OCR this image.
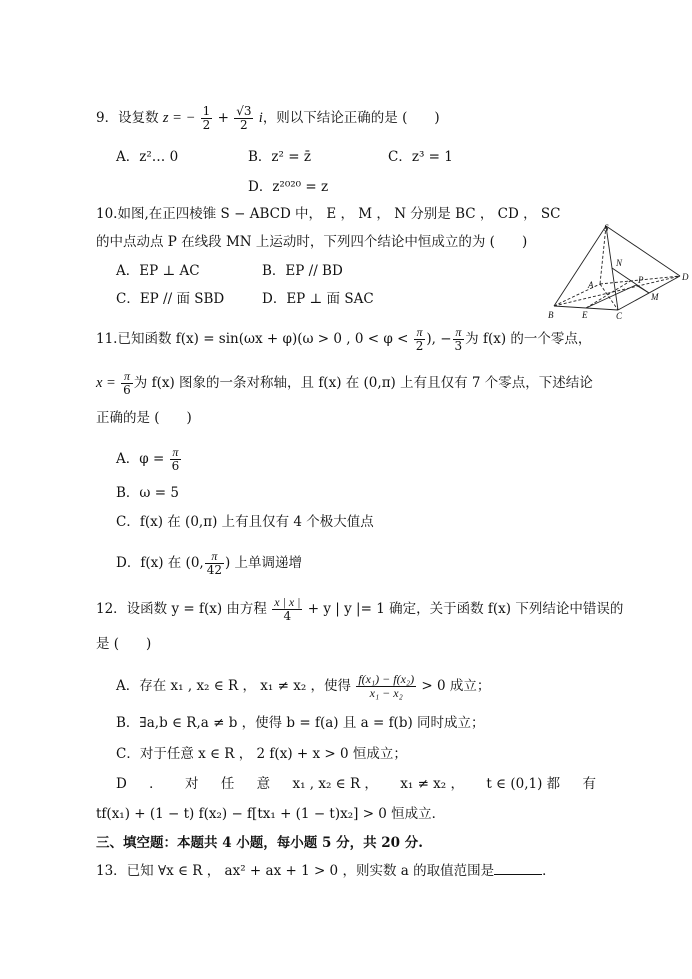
9．设复数 z = − $\frac{1}{2} + \frac{√3}{2}$ i，则以下结论正确的是 (　　)
A．z²… 0	B．z² = z̄	C．z³ = 1
D．z²⁰²⁰ = z
10.如图,在正四棱锥 S − ABCD 中， E ， M ， N 分别是 BC ， CD ， SC
的中点动点 P 在线段 MN 上运动时，下列四个结论中恒成立的为 (　　)
A．EP ⊥ AC	B．EP // BD
C．EP // 面 SBD	D．EP ⊥ 面 SAC
S
A
N
P	D
M
B	E	C
11.已知函数 f(x) = sin(ωx + φ)(ω > 0 , $0 < \varphi < \frac{\pi}{2}$ ), − $\frac{\pi}{3}$ 为 f(x) 的一个零点，
$x = \frac{\pi}{6}$ 为 f(x) 图象的一条对称轴，且 f(x) 在 (0,π) 上有且仅有 7 个零点，下述结论
正确的是 (　　)
A．$\varphi = \frac{\pi}{6}$
B．ω = 5
C．f(x) 在 (0,π) 上有且仅有 4 个极大值点
D．f(x) 在 (0, $\frac{\pi}{42}$ ) 上单调递增
12．设函数 y = f(x) 由方程 $\frac{x | x |}{4} + y$ | y |= 1 确定，关于函数 f(x) 下列结论中错误的
是 (　　)
A．存在 x₁ , x₂ ∈ R ， x₁ ≠ x₂ ，使得 $\frac{\text{f(x₁) − f(x₂)}}{\text{x₁ − x₂}} > 0$ 成立；
B．∃a,b ∈ R,a ≠ b ，使得 b = f(a) 且 a = f(b) 同时成立；
C．对于任意 x ∈ R ， 2 f(x) + x > 0 恒成立；
D ． 对 任 意 x₁ , x₂ ∈ R ， x₁ ≠ x₂ ， t ∈ (0,1) 都 有
tf(x₁) + (1 − t) f(x₂) − f[tx₁ + (1 − t)x₂] > 0 恒成立．
三、填空题：本题共 4 小题，每小题 5 分，共 20 分.
13．已知 ∀x ∈ R ， ax² + ax + 1 > 0 ，则实数 a 的取值范围是	．
